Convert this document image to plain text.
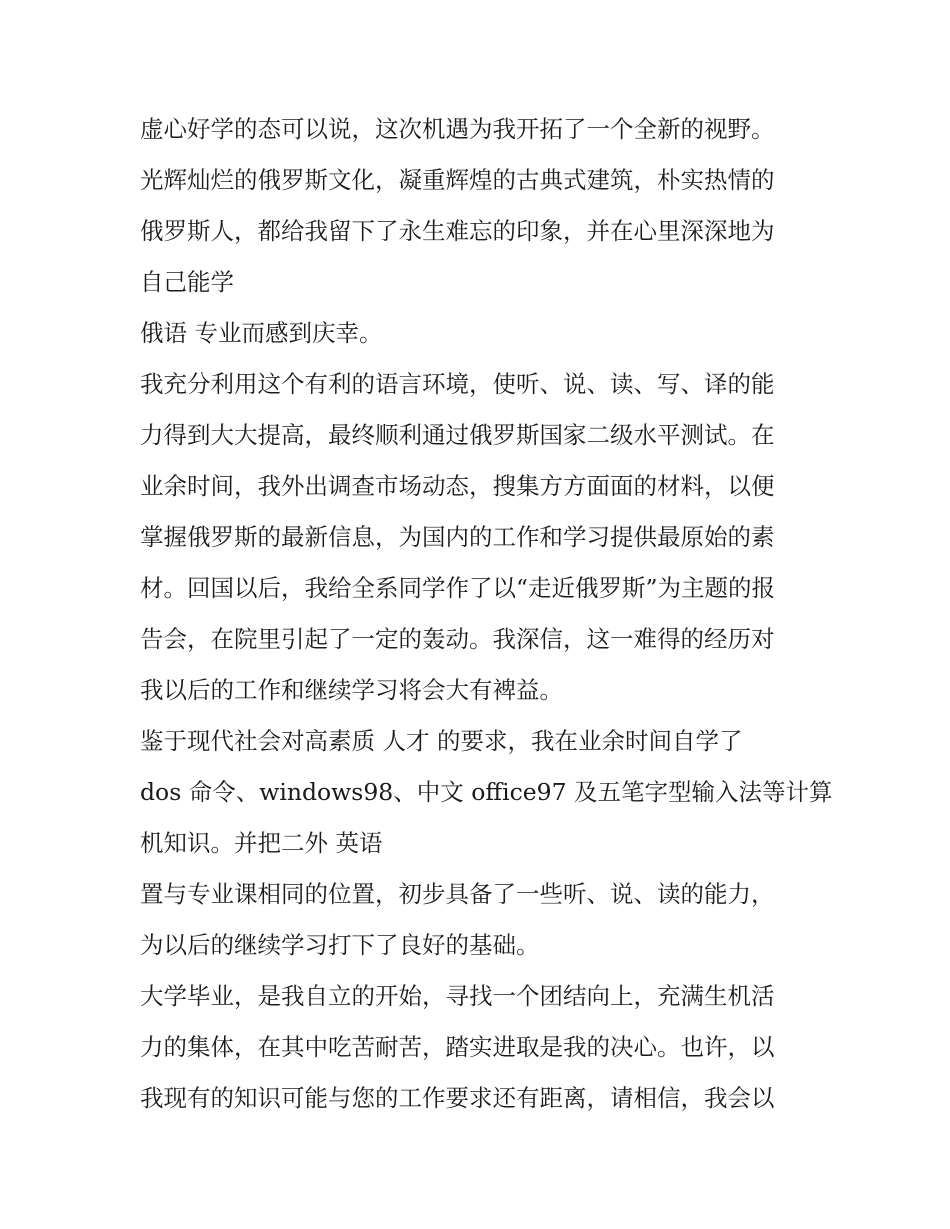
虚心好学的态可以说，这次机遇为我开拓了一个全新的视野。

光辉灿烂的俄罗斯文化，凝重辉煌的古典式建筑，朴实热情的

俄罗斯人，都给我留下了永生难忘的印象，并在心里深深地为

自己能学

俄语 专业而感到庆幸。

我充分利用这个有利的语言环境，使听、说、读、写、译的能

力得到大大提高，最终顺利通过俄罗斯国家二级水平测试。在

业余时间，我外出调查市场动态，搜集方方面面的材料，以便

掌握俄罗斯的最新信息，为国内的工作和学习提供最原始的素

材。回国以后，我给全系同学作了以“走近俄罗斯”为主题的报

告会，在院里引起了一定的轰动。我深信，这一难得的经历对

我以后的工作和继续学习将会大有裨益。

鉴于现代社会对高素质 人才 的要求，我在业余时间自学了

dos 命令、windows98、中文 office97 及五笔字型输入法等计算

机知识。并把二外 英语

置与专业课相同的位置，初步具备了一些听、说、读的能力，

为以后的继续学习打下了良好的基础。

大学毕业，是我自立的开始，寻找一个团结向上，充满生机活

力的集体，在其中吃苦耐苦，踏实进取是我的决心。也许，以

我现有的知识可能与您的工作要求还有距离，请相信，我会以
